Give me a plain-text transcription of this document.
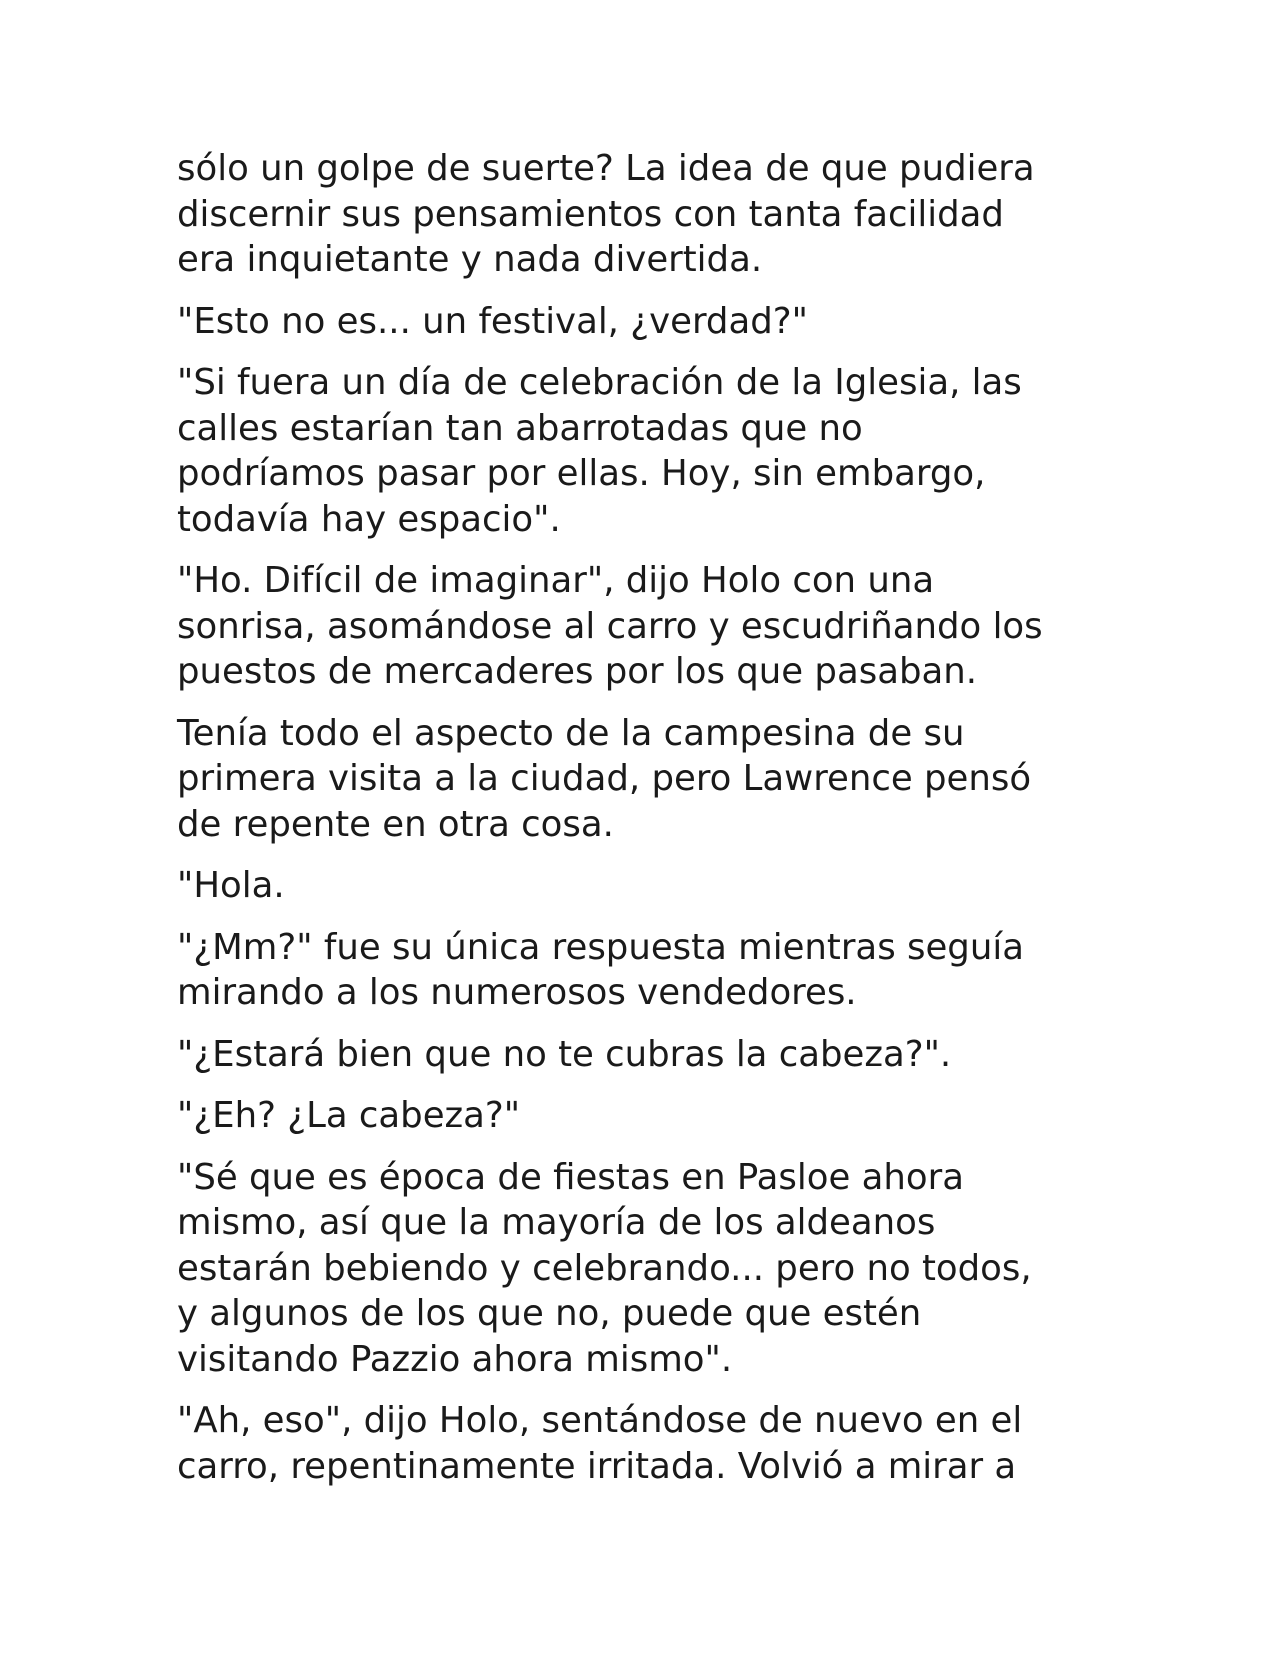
sólo un golpe de suerte? La idea de que pudiera
discernir sus pensamientos con tanta facilidad
era inquietante y nada divertida.

"Esto no es... un festival, ¿verdad?"

"Si fuera un día de celebración de la Iglesia, las
calles estarían tan abarrotadas que no
podríamos pasar por ellas. Hoy, sin embargo,
todavía hay espacio".

"Ho. Difícil de imaginar", dijo Holo con una
sonrisa, asomándose al carro y escudriñando los
puestos de mercaderes por los que pasaban.

Tenía todo el aspecto de la campesina de su
primera visita a la ciudad, pero Lawrence pensó
de repente en otra cosa.

"Hola.

"¿Mm?" fue su única respuesta mientras seguía
mirando a los numerosos vendedores.

"¿Estará bien que no te cubras la cabeza?".

"¿Eh? ¿La cabeza?"

"Sé que es época de fiestas en Pasloe ahora
mismo, así que la mayoría de los aldeanos
estarán bebiendo y celebrando... pero no todos,
y algunos de los que no, puede que estén
visitando Pazzio ahora mismo".

"Ah, eso", dijo Holo, sentándose de nuevo en el
carro, repentinamente irritada. Volvió a mirar a
